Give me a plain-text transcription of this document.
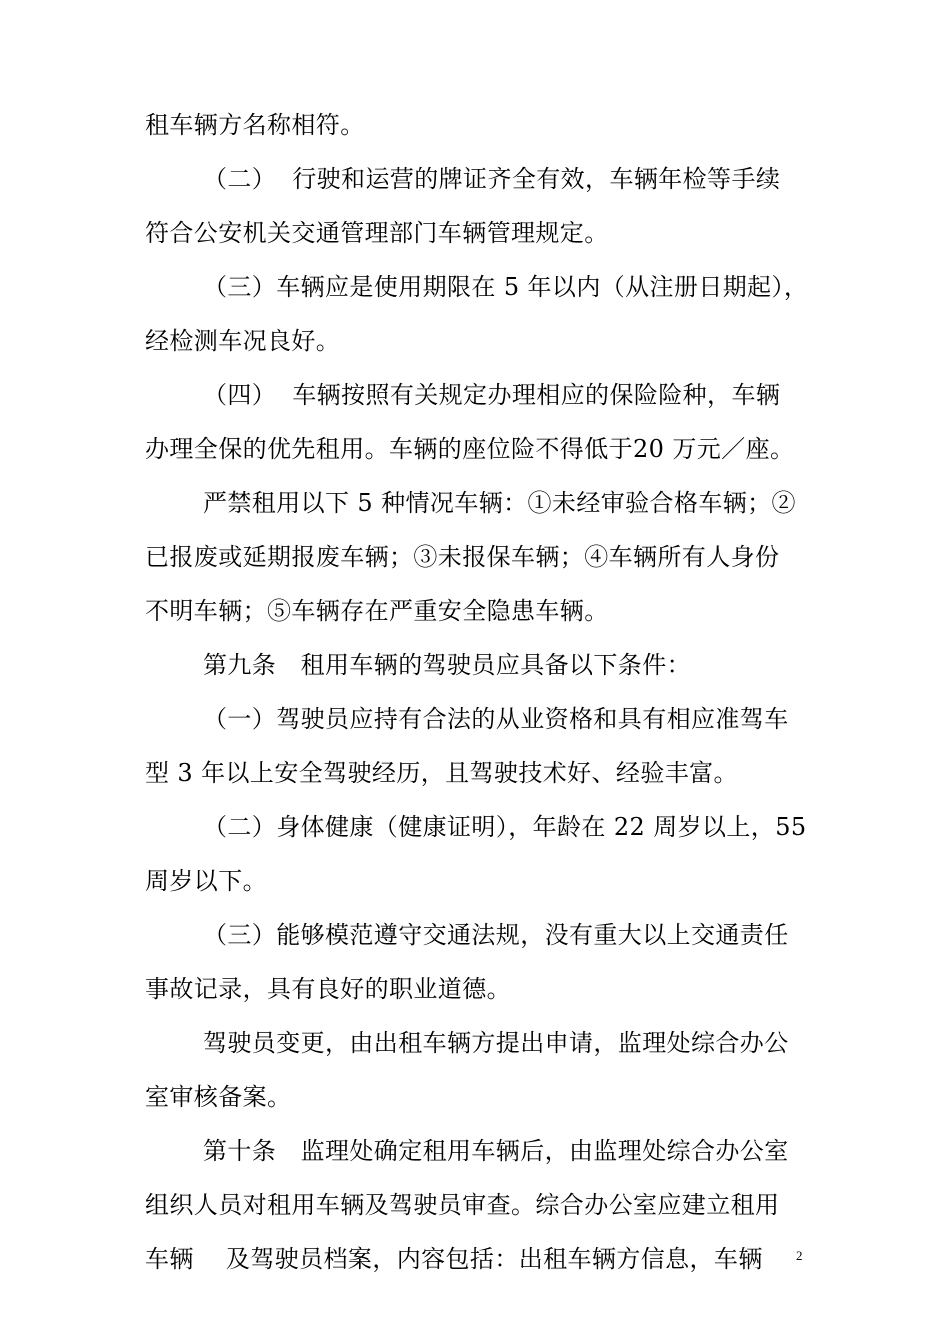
租车辆方名称相符。
（二）  行驶和运营的牌证齐全有效，车辆年检等手续
符合公安机关交通管理部门车辆管理规定。
（三）车辆应是使用期限在 5 年以内（从注册日期起），
经检测车况良好。
（四）  车辆按照有关规定办理相应的保险险种，车辆
办理全保的优先租用。车辆的座位险不得低于20 万元／座。
严禁租用以下 5 种情况车辆：①未经审验合格车辆；②
已报废或延期报废车辆；③未报保车辆；④车辆所有人身份
不明车辆；⑤车辆存在严重安全隐患车辆。
第九条　租用车辆的驾驶员应具备以下条件：
（一）驾驶员应持有合法的从业资格和具有相应准驾车
型 3 年以上安全驾驶经历，且驾驶技术好、经验丰富。
（二）身体健康（健康证明），年龄在 22 周岁以上，55
周岁以下。
（三）能够模范遵守交通法规，没有重大以上交通责任
事故记录，具有良好的职业道德。
驾驶员变更，由出租车辆方提出申请，监理处综合办公
室审核备案。
第十条　监理处确定租用车辆后，由监理处综合办公室
组织人员对租用车辆及驾驶员审查。综合办公室应建立租用
车辆    及驾驶员档案，内容包括：出租车辆方信息，车辆	2
